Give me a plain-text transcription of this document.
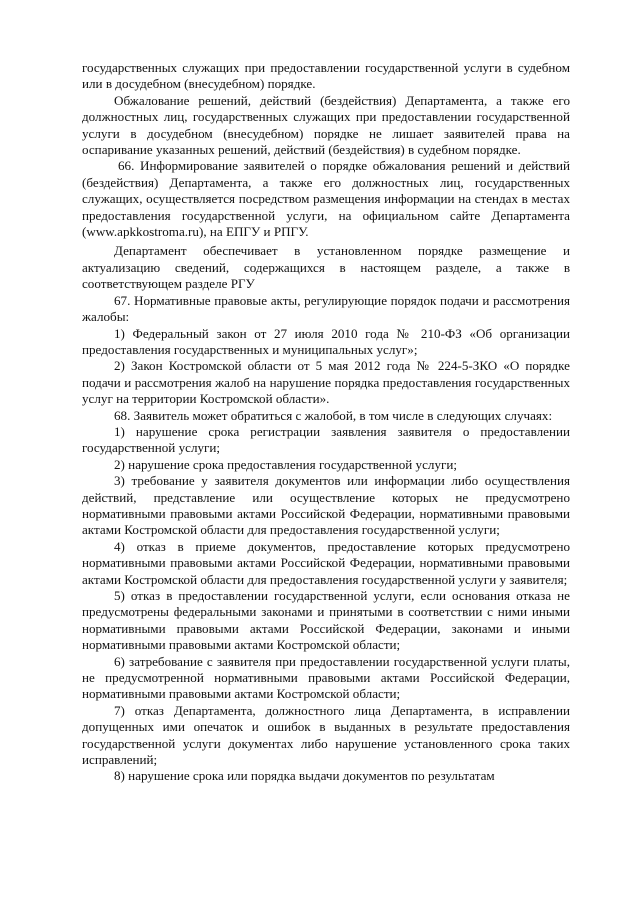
государственных служащих при предоставлении государственной услуги в судебном или в досудебном (внесудебном) порядке.

Обжалование решений, действий (бездействия) Департамента, а также его должностных лиц, государственных служащих при предоставлении государственной услуги в досудебном (внесудебном) порядке не лишает заявителей права на оспаривание указанных решений, действий (бездействия) в судебном порядке.

66. Информирование заявителей о порядке обжалования решений и действий (бездействия) Департамента, а также его должностных лиц, государственных служащих, осуществляется посредством размещения информации на стендах в местах предоставления государственной услуги, на официальном сайте Департамента (www.apkkostroma.ru), на ЕПГУ и РПГУ.

Департамент обеспечивает в установленном порядке размещение и актуализацию сведений, содержащихся в настоящем разделе, а также в соответствующем разделе РГУ

67. Нормативные правовые акты, регулирующие порядок подачи и рассмотрения жалобы:

1) Федеральный закон от 27 июля 2010 года № 210-ФЗ «Об организации предоставления государственных и муниципальных услуг»;

2) Закон Костромской области от 5 мая 2012 года № 224-5-ЗКО «О порядке подачи и рассмотрения жалоб на нарушение порядка предоставления государственных услуг на территории Костромской области».

68. Заявитель может обратиться с жалобой, в том числе в следующих случаях:

1) нарушение срока регистрации заявления заявителя о предоставлении государственной услуги;

2) нарушение срока предоставления государственной услуги;

3) требование у заявителя документов или информации либо осуществления действий, представление или осуществление которых не предусмотрено нормативными правовыми актами Российской Федерации, нормативными правовыми актами Костромской области для предоставления государственной услуги;

4) отказ в приеме документов, предоставление которых предусмотрено нормативными правовыми актами Российской Федерации, нормативными правовыми актами Костромской области для предоставления государственной услуги у заявителя;

5) отказ в предоставлении государственной услуги, если основания отказа не предусмотрены федеральными законами и принятыми в соответствии с ними иными нормативными правовыми актами Российской Федерации, законами и иными нормативными правовыми актами Костромской области;

6) затребование с заявителя при предоставлении государственной услуги платы, не предусмотренной нормативными правовыми актами Российской Федерации, нормативными правовыми актами Костромской области;

7) отказ Департамента, должностного лица Департамента, в исправлении допущенных ими опечаток и ошибок в выданных в результате предоставления государственной услуги документах либо нарушение установленного срока таких исправлений;

8) нарушение срока или порядка выдачи документов по результатам
